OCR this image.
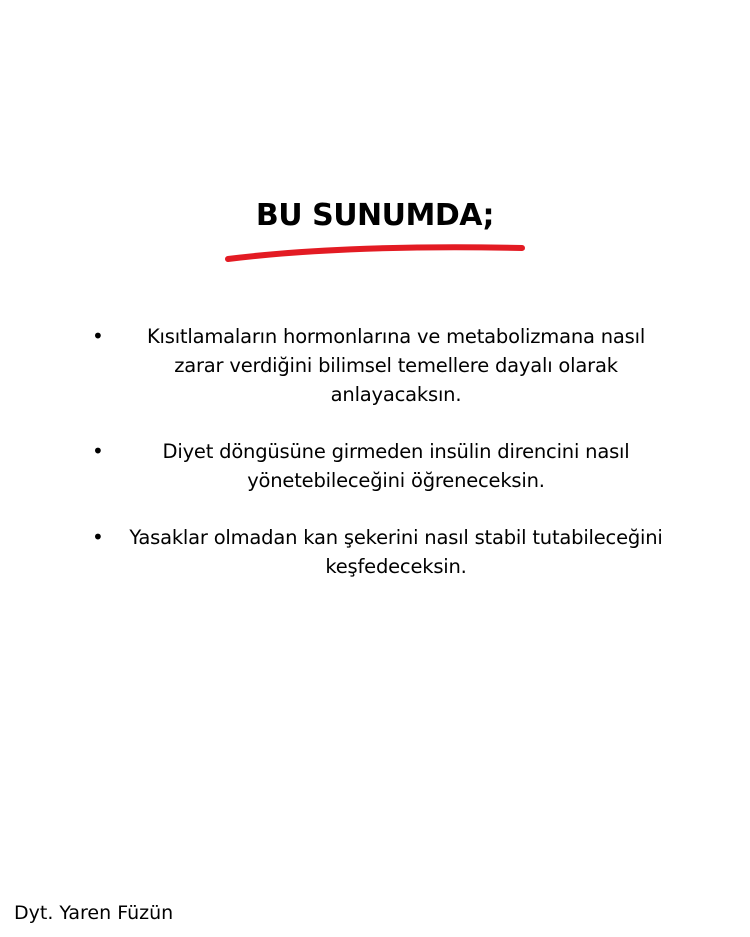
BU SUNUMDA;
•	Kısıtlamaların hormonlarına ve metabolizmana nasıl zarar verdiğini bilimsel temellere dayalı olarak anlayacaksın.
•	Diyet döngüsüne girmeden insülin direncini nasıl yönetebileceğini öğreneceksin.
• Yasaklar olmadan kan şekerini nasıl stabil tutabileceğini keşfedeceksin.
Dyt. Yaren Füzün
